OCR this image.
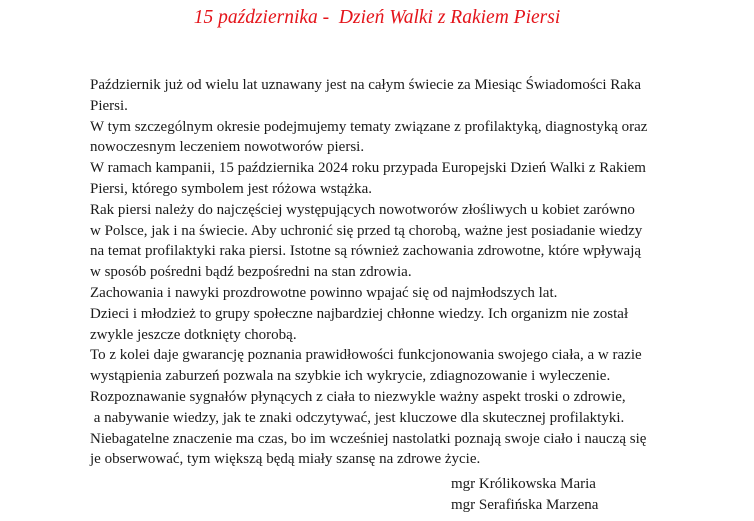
15 października -  Dzień Walki z Rakiem Piersi
Październik już od wielu lat uznawany jest na całym świecie za Miesiąc Świadomości Raka
Piersi.
W tym szczególnym okresie podejmujemy tematy związane z profilaktyką, diagnostyką oraz
nowoczesnym leczeniem nowotworów piersi.
W ramach kampanii, 15 października 2024 roku przypada Europejski Dzień Walki z Rakiem
Piersi, którego symbolem jest różowa wstążka.
Rak piersi należy do najczęściej występujących nowotworów złośliwych u kobiet zarówno
w Polsce, jak i na świecie. Aby uchronić się przed tą chorobą, ważne jest posiadanie wiedzy
na temat profilaktyki raka piersi. Istotne są również zachowania zdrowotne, które wpływają
w sposób pośredni bądź bezpośredni na stan zdrowia.
Zachowania i nawyki prozdrowotne powinno wpajać się od najmłodszych lat.
Dzieci i młodzież to grupy społeczne najbardziej chłonne wiedzy. Ich organizm nie został
zwykle jeszcze dotknięty chorobą.
To z kolei daje gwarancję poznania prawidłowości funkcjonowania swojego ciała, a w razie
wystąpienia zaburzeń pozwala na szybkie ich wykrycie, zdiagnozowanie i wyleczenie.
Rozpoznawanie sygnałów płynących z ciała to niezwykle ważny aspekt troski o zdrowie,
a nabywanie wiedzy, jak te znaki odczytywać, jest kluczowe dla skutecznej profilaktyki.
Niebagatelne znaczenie ma czas, bo im wcześniej nastolatki poznają swoje ciało i nauczą się
je obserwować, tym większą będą miały szansę na zdrowe życie.
mgr Królikowska Maria
mgr Serafińska Marzena
